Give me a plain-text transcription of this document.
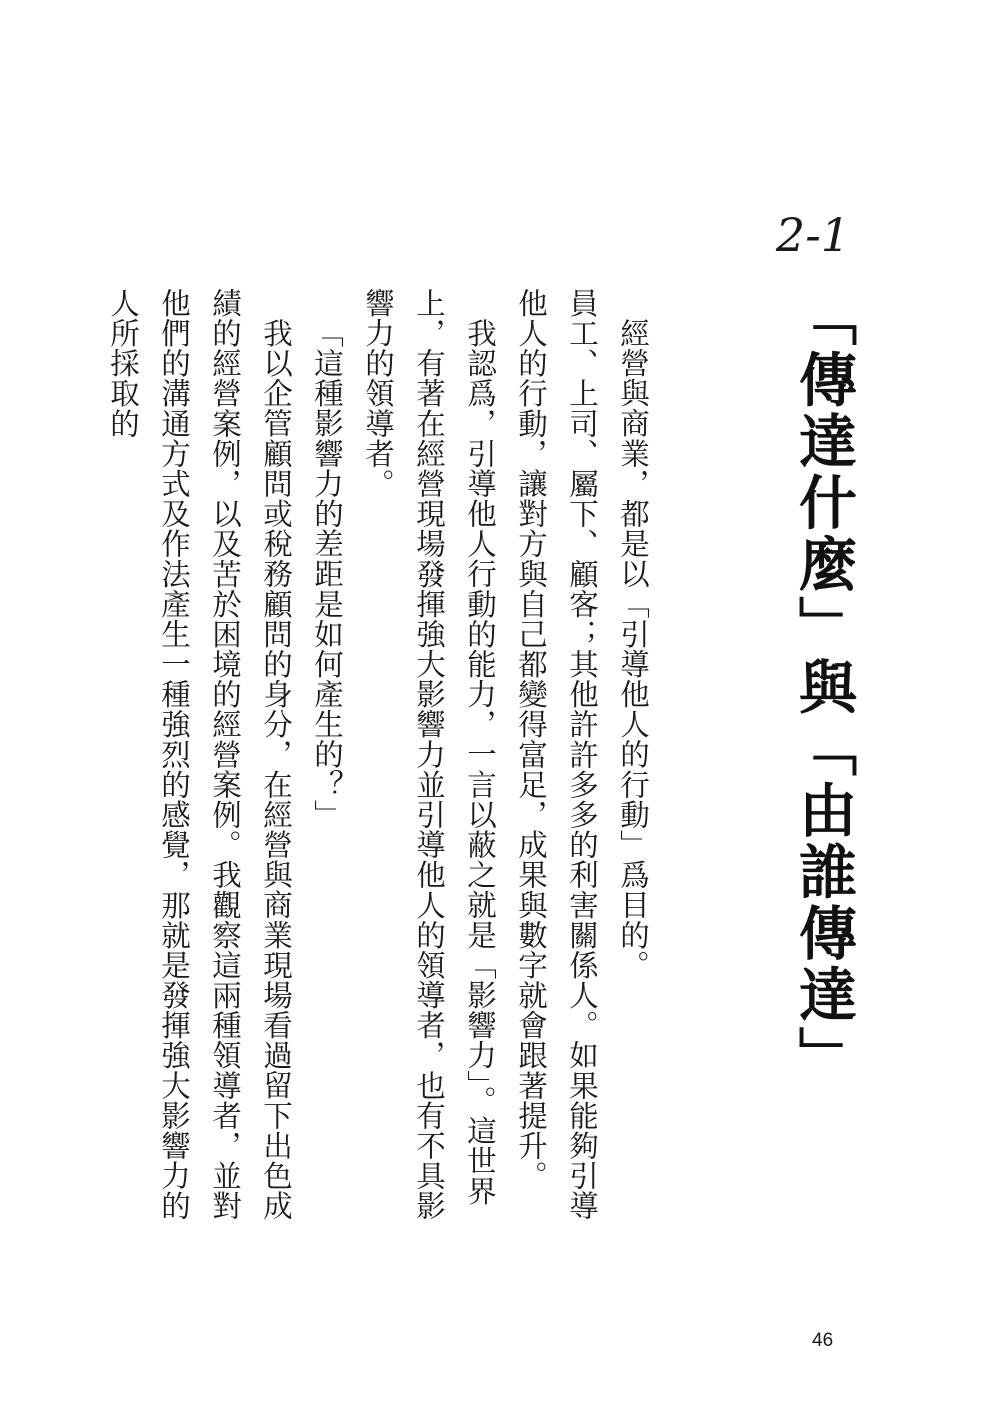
2-1
「傳達什麼」與「由誰傳達」

經營與商業，都是以「引導他人的行動」爲目的。

員工、上司、屬下、顧客；其他許許多多的利害關係人。如果能夠引導他人的行動，讓對方與自己都變得富足，成果與數字就會跟著提升。

我認爲，引導他人行動的能力，一言以蔽之就是「影響力」。這世界上，有著在經營現場發揮強大影響力並引導他人的領導者，也有不具影響力的領導者。

「這種影響力的差距是如何產生的？」

我以企管顧問或稅務顧問的身分，在經營與商業現場看過留下出色成績的經營案例，以及苦於困境的經營案例。我觀察這兩種領導者，並對他們的溝通方式及作法產生一種強烈的感覺，那就是發揮強大影響力的人所採取的

46
